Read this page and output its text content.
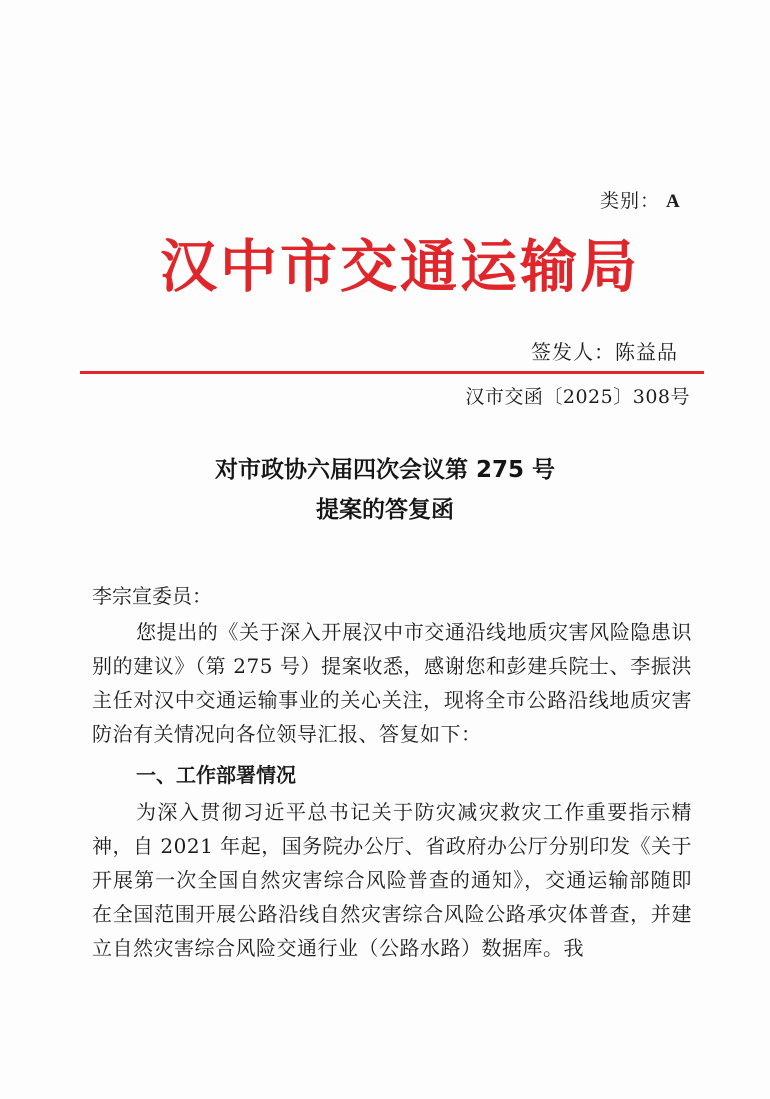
类别： A
汉中市交通运输局
签发人：陈益品
汉市交函〔2025〕308号
对市政协六届四次会议第 275 号
提案的答复函
李宗宣委员：
您提出的《关于深入开展汉中市交通沿线地质灾害风险隐患识别的建议》（第 275 号）提案收悉，感谢您和彭建兵院士、李振洪主任对汉中交通运输事业的关心关注，现将全市公路沿线地质灾害防治有关情况向各位领导汇报、答复如下：
一、工作部署情况
为深入贯彻习近平总书记关于防灾减灾救灾工作重要指示精神，自 2021 年起，国务院办公厅、省政府办公厅分别印发《关于开展第一次全国自然灾害综合风险普查的通知》，交通运输部随即在全国范围开展公路沿线自然灾害综合风险公路承灾体普查，并建立自然灾害综合风险交通行业（公路水路）数据库。我
